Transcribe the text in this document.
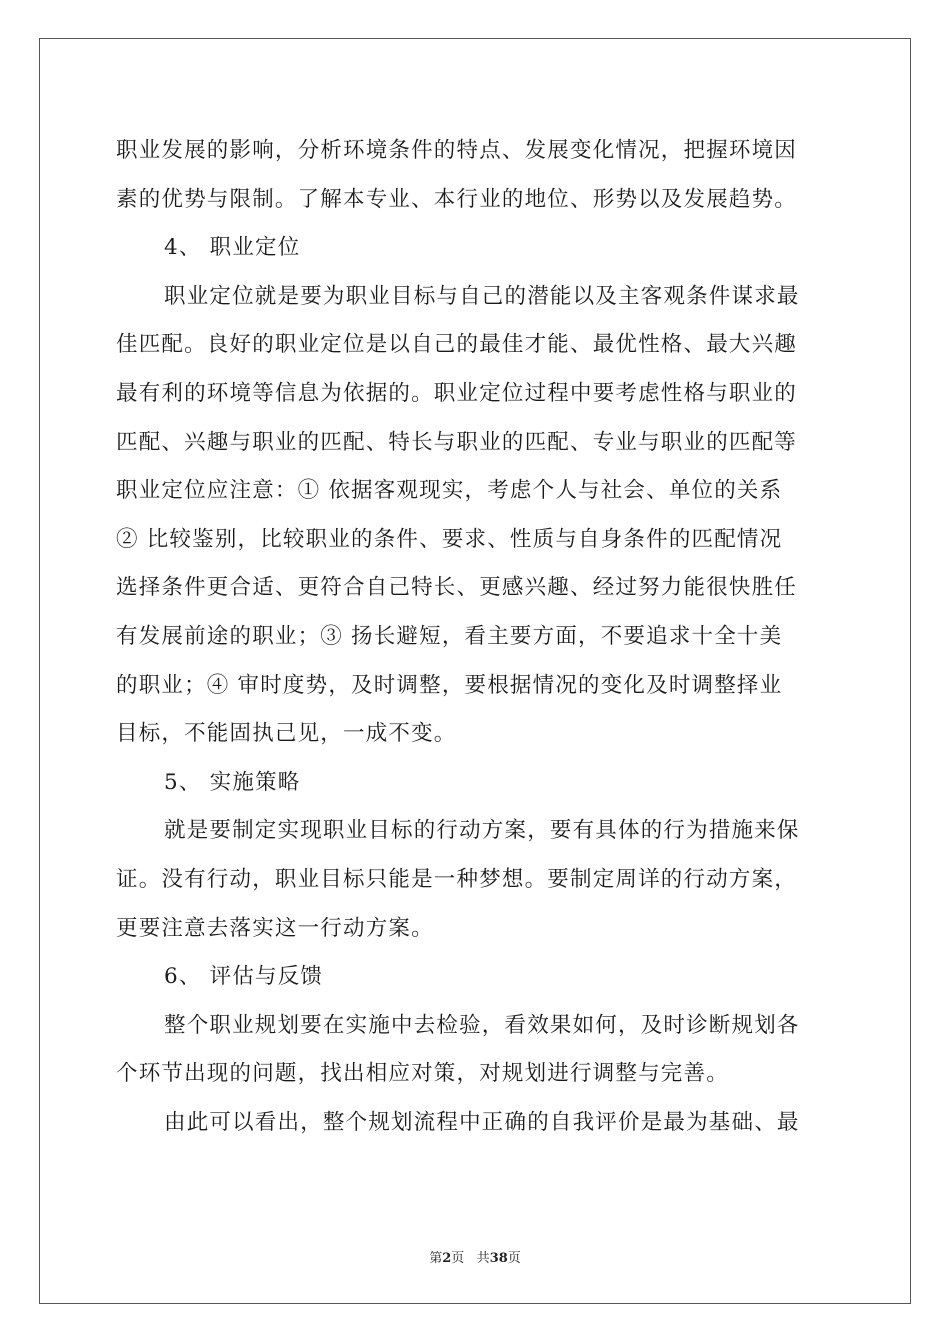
职业发展的影响，分析环境条件的特点、发展变化情况，把握环境因
素的优势与限制。了解本专业、本行业的地位、形势以及发展趋势。
4、 职业定位
职业定位就是要为职业目标与自己的潜能以及主客观条件谋求最
佳匹配。良好的职业定位是以自己的最佳才能、最优性格、最大兴趣
最有利的环境等信息为依据的。职业定位过程中要考虑性格与职业的
匹配、兴趣与职业的匹配、特长与职业的匹配、专业与职业的匹配等
职业定位应注意：① 依据客观现实，考虑个人与社会、单位的关系
② 比较鉴别，比较职业的条件、要求、性质与自身条件的匹配情况
选择条件更合适、更符合自己特长、更感兴趣、经过努力能很快胜任
有发展前途的职业；③ 扬长避短，看主要方面，不要追求十全十美
的职业；④ 审时度势，及时调整，要根据情况的变化及时调整择业
目标，不能固执己见，一成不变。
5、 实施策略
就是要制定实现职业目标的行动方案，要有具体的行为措施来保
证。没有行动，职业目标只能是一种梦想。要制定周详的行动方案，
更要注意去落实这一行动方案。
6、 评估与反馈
整个职业规划要在实施中去检验，看效果如何，及时诊断规划各
个环节出现的问题，找出相应对策，对规划进行调整与完善。
由此可以看出，整个规划流程中正确的自我评价是最为基础、最
第2页 共38页
